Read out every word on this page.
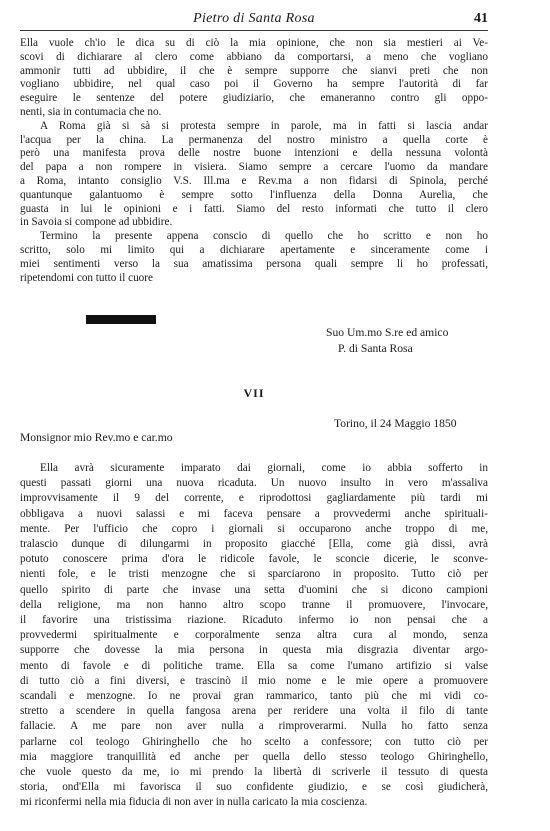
Pietro di Santa Rosa	41
Ella vuole ch'io le dica su di ciò la mia opinione, che non sia mestieri ai Ve-
scovi di dichiarare al clero come abbiano da comportarsi, a meno che vogliano
ammonir tutti ad ubbidire, il che è sempre supporre che sianvi preti che non
vogliano ubbidire, nel qual caso poi il Governo ha sempre l'autorità di far
eseguire le sentenze del potere giudiziario, che emaneranno contro gli oppo-
nenti, sia in contumacia che no.
A Roma già si sà si protesta sempre in parole, ma in fatti si lascia andar
l'acqua per la china. La permanenza del nostro ministro a quella corte è
però una manifesta prova delle nostre buone intenzioni e della nessuna volontà
del papa a non rompere in visiera. Siamo sempre a cercare l'uomo da mandare
a Roma, intanto consiglio V.S. Ill.ma e Rev.ma a non fidarsi di Spinola, perché
quantunque galantuomo è sempre sotto l'influenza della Donna Aurelia, che
guasta in lui le opinioni e i fatti. Siamo del resto informati che tutto il clero
in Savoia si compone ad ubbidire.
Termino la presente appena conscio di quello che ho scritto e non ho
scritto, solo mi limito qui a dichiarare apertamente e sinceramente come i
miei sentimenti verso la sua amatissima persona quali sempre li ho professati,
ripetendomi con tutto il cuore
Suo Um.mo S.re ed amico
P. di Santa Rosa
VII
Torino, il 24 Maggio 1850
Monsignor mio Rev.mo e car.mo
Ella avrà sicuramente imparato dai giornali, come io abbia sofferto in
questi passati giorni una nuova ricaduta. Un nuovo insulto in vero m'assaliva
improvvisamente il 9 del corrente, e riprodottosi gagliardamente più tardi mi
obbligava a nuovi salassi e mi faceva pensare a provvedermi anche spirituali-
mente. Per l'ufficio che copro i giornali si occuparono anche troppo di me,
tralascio dunque di dilungarmi in proposito giacché [Ella, come già dissi, avrà
potuto conoscere prima d'ora le ridicole favole, le sconcie dicerie, le sconve-
nienti fole, e le tristi menzogne che si sparciarono in proposito. Tutto ciò per
quello spirito di parte che invase una setta d'uomini che si dicono campioni
della religione, ma non hanno altro scopo tranne il promuovere, l'invocare,
il favorire una tristissima riazione. Ricaduto infermo io non pensai che a
provvedermi spiritualmente e corporalmente senza altra cura al mondo, senza
supporre che dovesse la mia persona in questa mia disgrazia diventar argo-
mento di favole e di politiche trame. Ella sa come l'umano artifizio si valse
di tutto ciò a fini diversi, e trascinò il mio nome e le mie opere a promuovere
scandali e menzogne. Io ne provai gran rammarico, tanto più che mi vidi co-
stretto a scendere in quella fangosa arena per reridere una volta il filo di tante
fallacie. A me pare non aver nulla a rimproverarmi. Nulla ho fatto senza
parlarne col teologo Ghiringhello che ho scelto a confessore; con tutto ciò per
mia maggiore tranquillità ed anche per quella dello stesso teologo Ghiringhello,
che vuole questo da me, io mi prendo la libertà di scriverle il tessuto di questa
storia, ond'Ella mi favorisca il suo confidente giudizio, e se così giudicherà,
mi riconfermi nella mia fiducia di non aver in nulla caricato la mia coscienza.
